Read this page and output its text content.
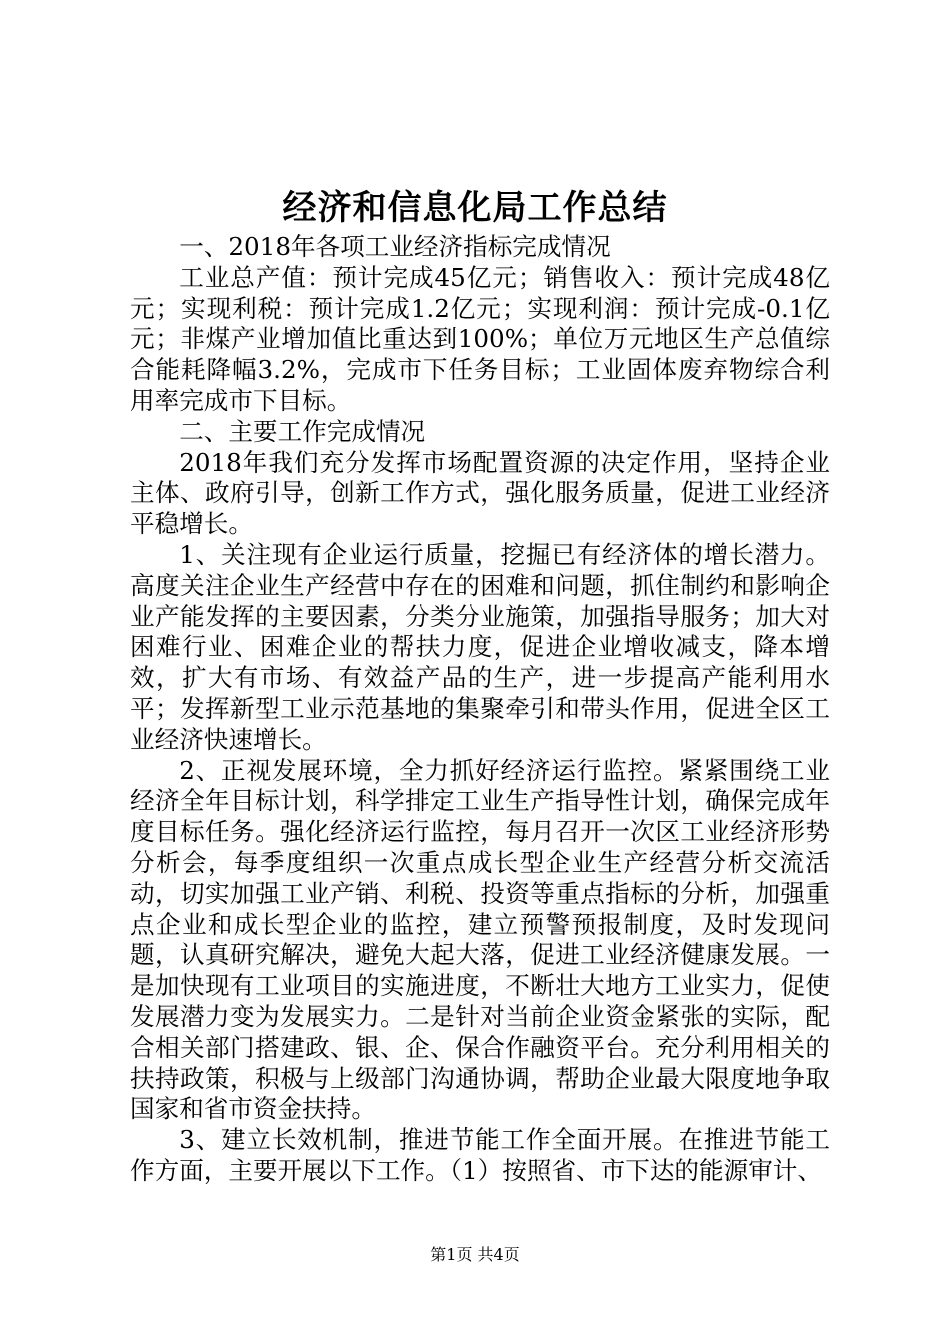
经济和信息化局工作总结

一、2018年各项工业经济指标完成情况

工业总产值：预计完成45亿元；销售收入：预计完成48亿元；实现利税：预计完成1.2亿元；实现利润：预计完成-0.1亿元；非煤产业增加值比重达到100%；单位万元地区生产总值综合能耗降幅3.2%，完成市下任务目标；工业固体废弃物综合利用率完成市下目标。

二、主要工作完成情况

2018年我们充分发挥市场配置资源的决定作用，坚持企业主体、政府引导，创新工作方式，强化服务质量，促进工业经济平稳增长。

1、关注现有企业运行质量，挖掘已有经济体的增长潜力。高度关注企业生产经营中存在的困难和问题，抓住制约和影响企业产能发挥的主要因素，分类分业施策，加强指导服务；加大对困难行业、困难企业的帮扶力度，促进企业增收减支，降本增效，扩大有市场、有效益产品的生产，进一步提高产能利用水平；发挥新型工业示范基地的集聚牵引和带头作用，促进全区工业经济快速增长。

2、正视发展环境，全力抓好经济运行监控。紧紧围绕工业经济全年目标计划，科学排定工业生产指导性计划，确保完成年度目标任务。强化经济运行监控，每月召开一次区工业经济形势分析会，每季度组织一次重点成长型企业生产经营分析交流活动，切实加强工业产销、利税、投资等重点指标的分析，加强重点企业和成长型企业的监控，建立预警预报制度，及时发现问题，认真研究解决，避免大起大落，促进工业经济健康发展。一是加快现有工业项目的实施进度，不断壮大地方工业实力，促使发展潜力变为发展实力。二是针对当前企业资金紧张的实际，配合相关部门搭建政、银、企、保合作融资平台。充分利用相关的扶持政策，积极与上级部门沟通协调，帮助企业最大限度地争取国家和省市资金扶持。

3、建立长效机制，推进节能工作全面开展。在推进节能工作方面，主要开展以下工作。（1）按照省、市下达的能源审计、

第1页 共4页
